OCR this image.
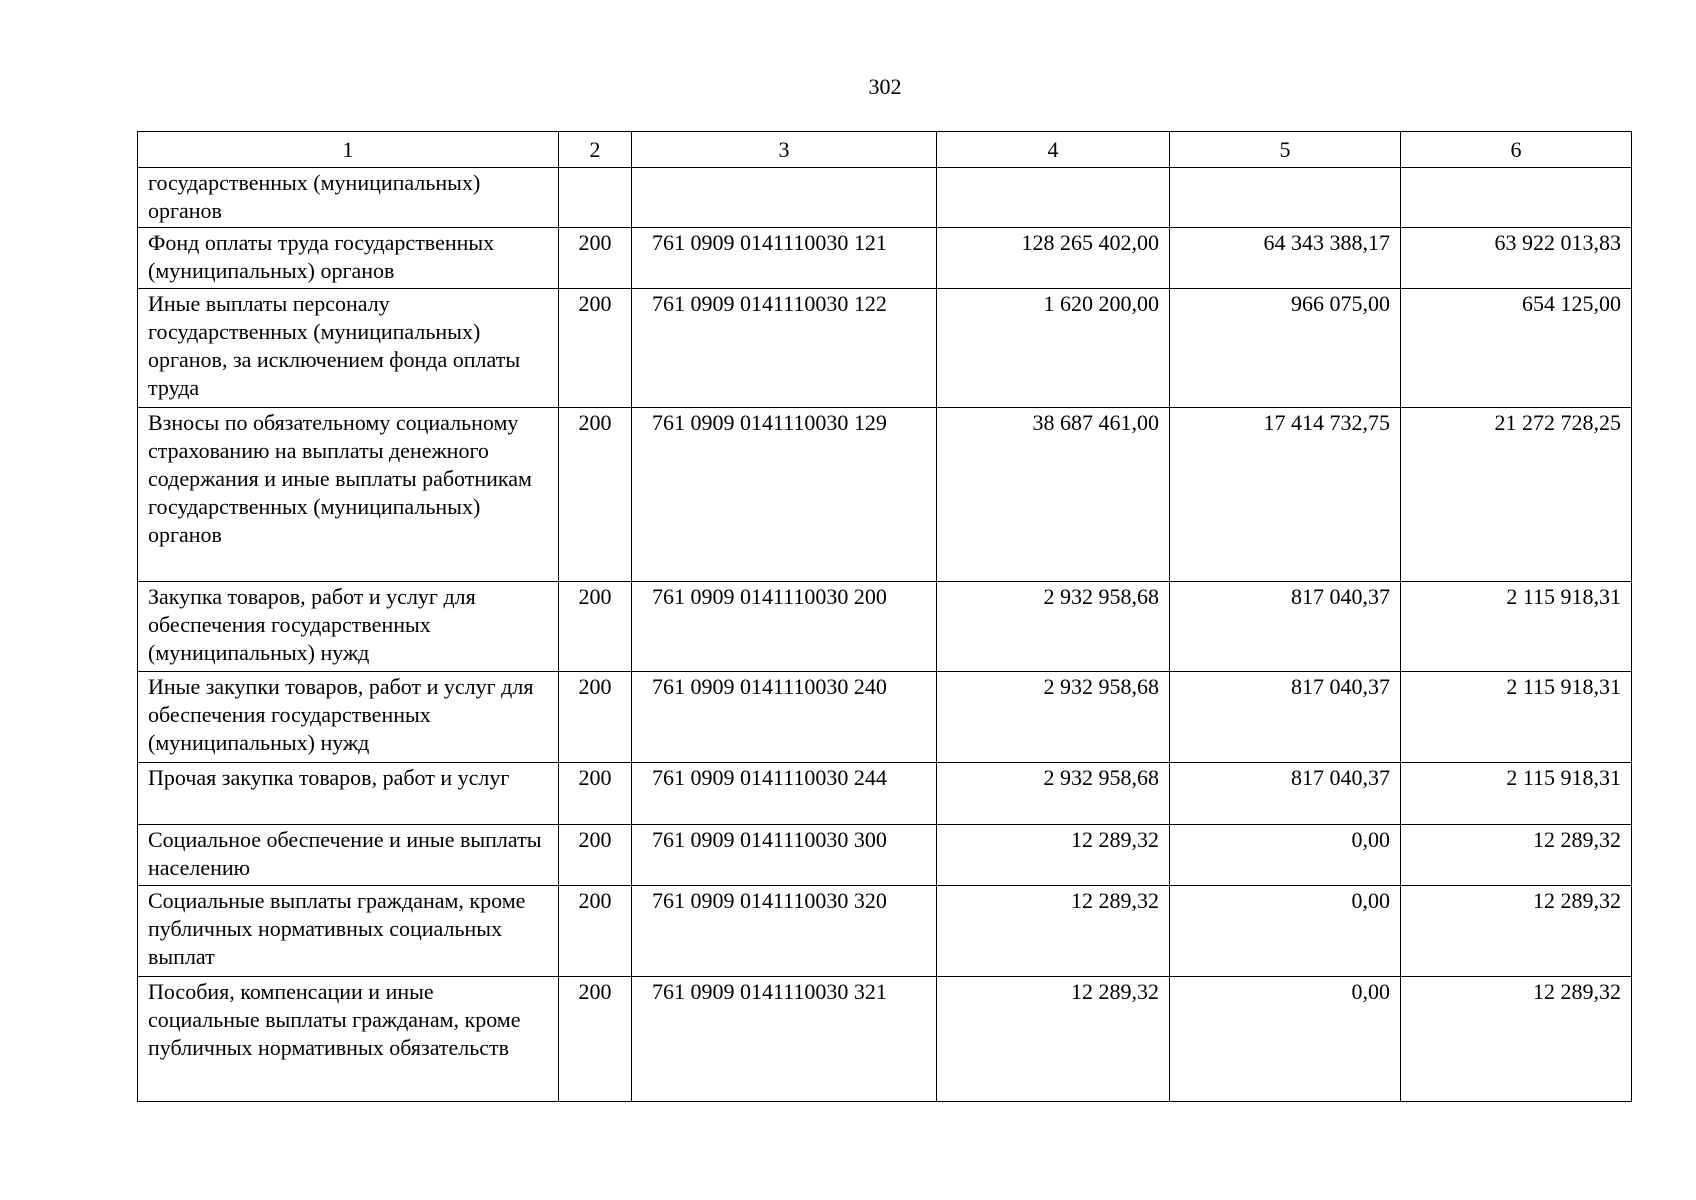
302
1	2	3	4	5	6
государственных (муниципальных) органов					
Фонд оплаты труда государственных (муниципальных) органов	200	761 0909 0141110030 121	128 265 402,00	64 343 388,17	63 922 013,83
Иные выплаты персоналу государственных (муниципальных) органов, за исключением фонда оплаты труда	200	761 0909 0141110030 122	1 620 200,00	966 075,00	654 125,00
Взносы по обязательному социальному страхованию на выплаты денежного содержания и иные выплаты работникам государственных (муниципальных) органов	200	761 0909 0141110030 129	38 687 461,00	17 414 732,75	21 272 728,25
Закупка товаров, работ и услуг для обеспечения государственных (муниципальных) нужд	200	761 0909 0141110030 200	2 932 958,68	817 040,37	2 115 918,31
Иные закупки товаров, работ и услуг для обеспечения государственных (муниципальных) нужд	200	761 0909 0141110030 240	2 932 958,68	817 040,37	2 115 918,31
Прочая закупка товаров, работ и услуг	200	761 0909 0141110030 244	2 932 958,68	817 040,37	2 115 918,31
Социальное обеспечение и иные выплаты населению	200	761 0909 0141110030 300	12 289,32	0,00	12 289,32
Социальные выплаты гражданам, кроме публичных нормативных социальных выплат	200	761 0909 0141110030 320	12 289,32	0,00	12 289,32
Пособия, компенсации и иные социальные выплаты гражданам, кроме публичных нормативных обязательств	200	761 0909 0141110030 321	12 289,32	0,00	12 289,32
